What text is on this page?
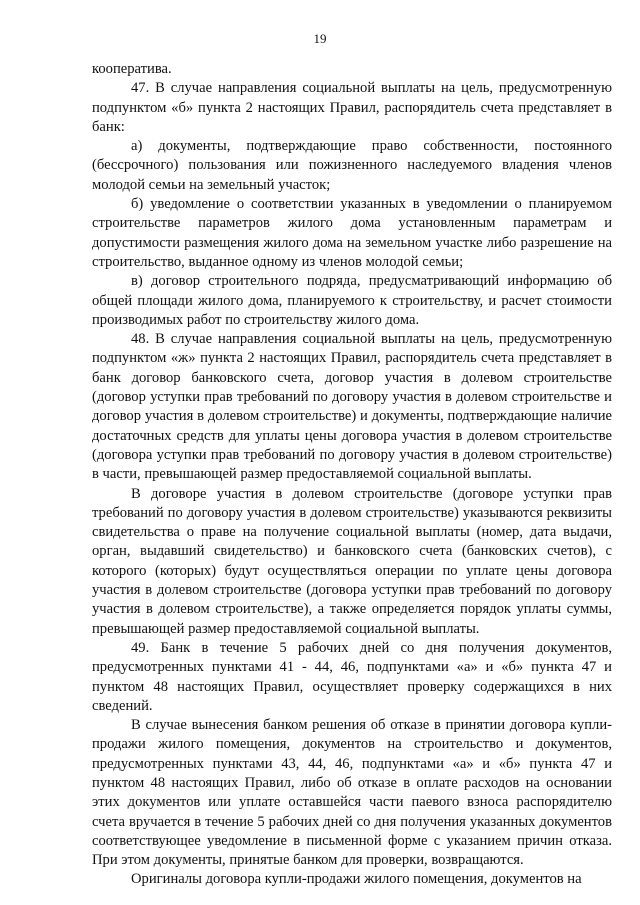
19

кооператива.

47. В случае направления социальной выплаты на цель, предусмотренную подпунктом «б» пункта 2 настоящих Правил, распорядитель счета представляет в банк:

а) документы, подтверждающие право собственности, постоянного (бессрочного) пользования или пожизненного наследуемого владения членов молодой семьи на земельный участок;

б) уведомление о соответствии указанных в уведомлении о планируемом строительстве параметров жилого дома установленным параметрам и допустимости размещения жилого дома на земельном участке либо разрешение на строительство, выданное одному из членов молодой семьи;

в) договор строительного подряда, предусматривающий информацию об общей площади жилого дома, планируемого к строительству, и расчет стоимости производимых работ по строительству жилого дома.

48. В случае направления социальной выплаты на цель, предусмотренную подпунктом «ж» пункта 2 настоящих Правил, распорядитель счета представляет в банк договор банковского счета, договор участия в долевом строительстве (договор уступки прав требований по договору участия в долевом строительстве и договор участия в долевом строительстве) и документы, подтверждающие наличие достаточных средств для уплаты цены договора участия в долевом строительстве (договора уступки прав требований по договору участия в долевом строительстве) в части, превышающей размер предоставляемой социальной выплаты.

В договоре участия в долевом строительстве (договоре уступки прав требований по договору участия в долевом строительстве) указываются реквизиты свидетельства о праве на получение социальной выплаты (номер, дата выдачи, орган, выдавший свидетельство) и банковского счета (банковских счетов), с которого (которых) будут осуществляться операции по уплате цены договора участия в долевом строительстве (договора уступки прав требований по договору участия в долевом строительстве), а также определяется порядок уплаты суммы, превышающей размер предоставляемой социальной выплаты.

49. Банк в течение 5 рабочих дней со дня получения документов, предусмотренных пунктами 41 - 44, 46, подпунктами «а» и «б» пункта 47 и пунктом 48 настоящих Правил, осуществляет проверку содержащихся в них сведений.

В случае вынесения банком решения об отказе в принятии договора купли-продажи жилого помещения, документов на строительство и документов, предусмотренных пунктами 43, 44, 46, подпунктами «а» и «б» пункта 47 и пунктом 48 настоящих Правил, либо об отказе в оплате расходов на основании этих документов или уплате оставшейся части паевого взноса распорядителю счета вручается в течение 5 рабочих дней со дня получения указанных документов соответствующее уведомление в письменной форме с указанием причин отказа. При этом документы, принятые банком для проверки, возвращаются.

Оригиналы договора купли-продажи жилого помещения, документов на
